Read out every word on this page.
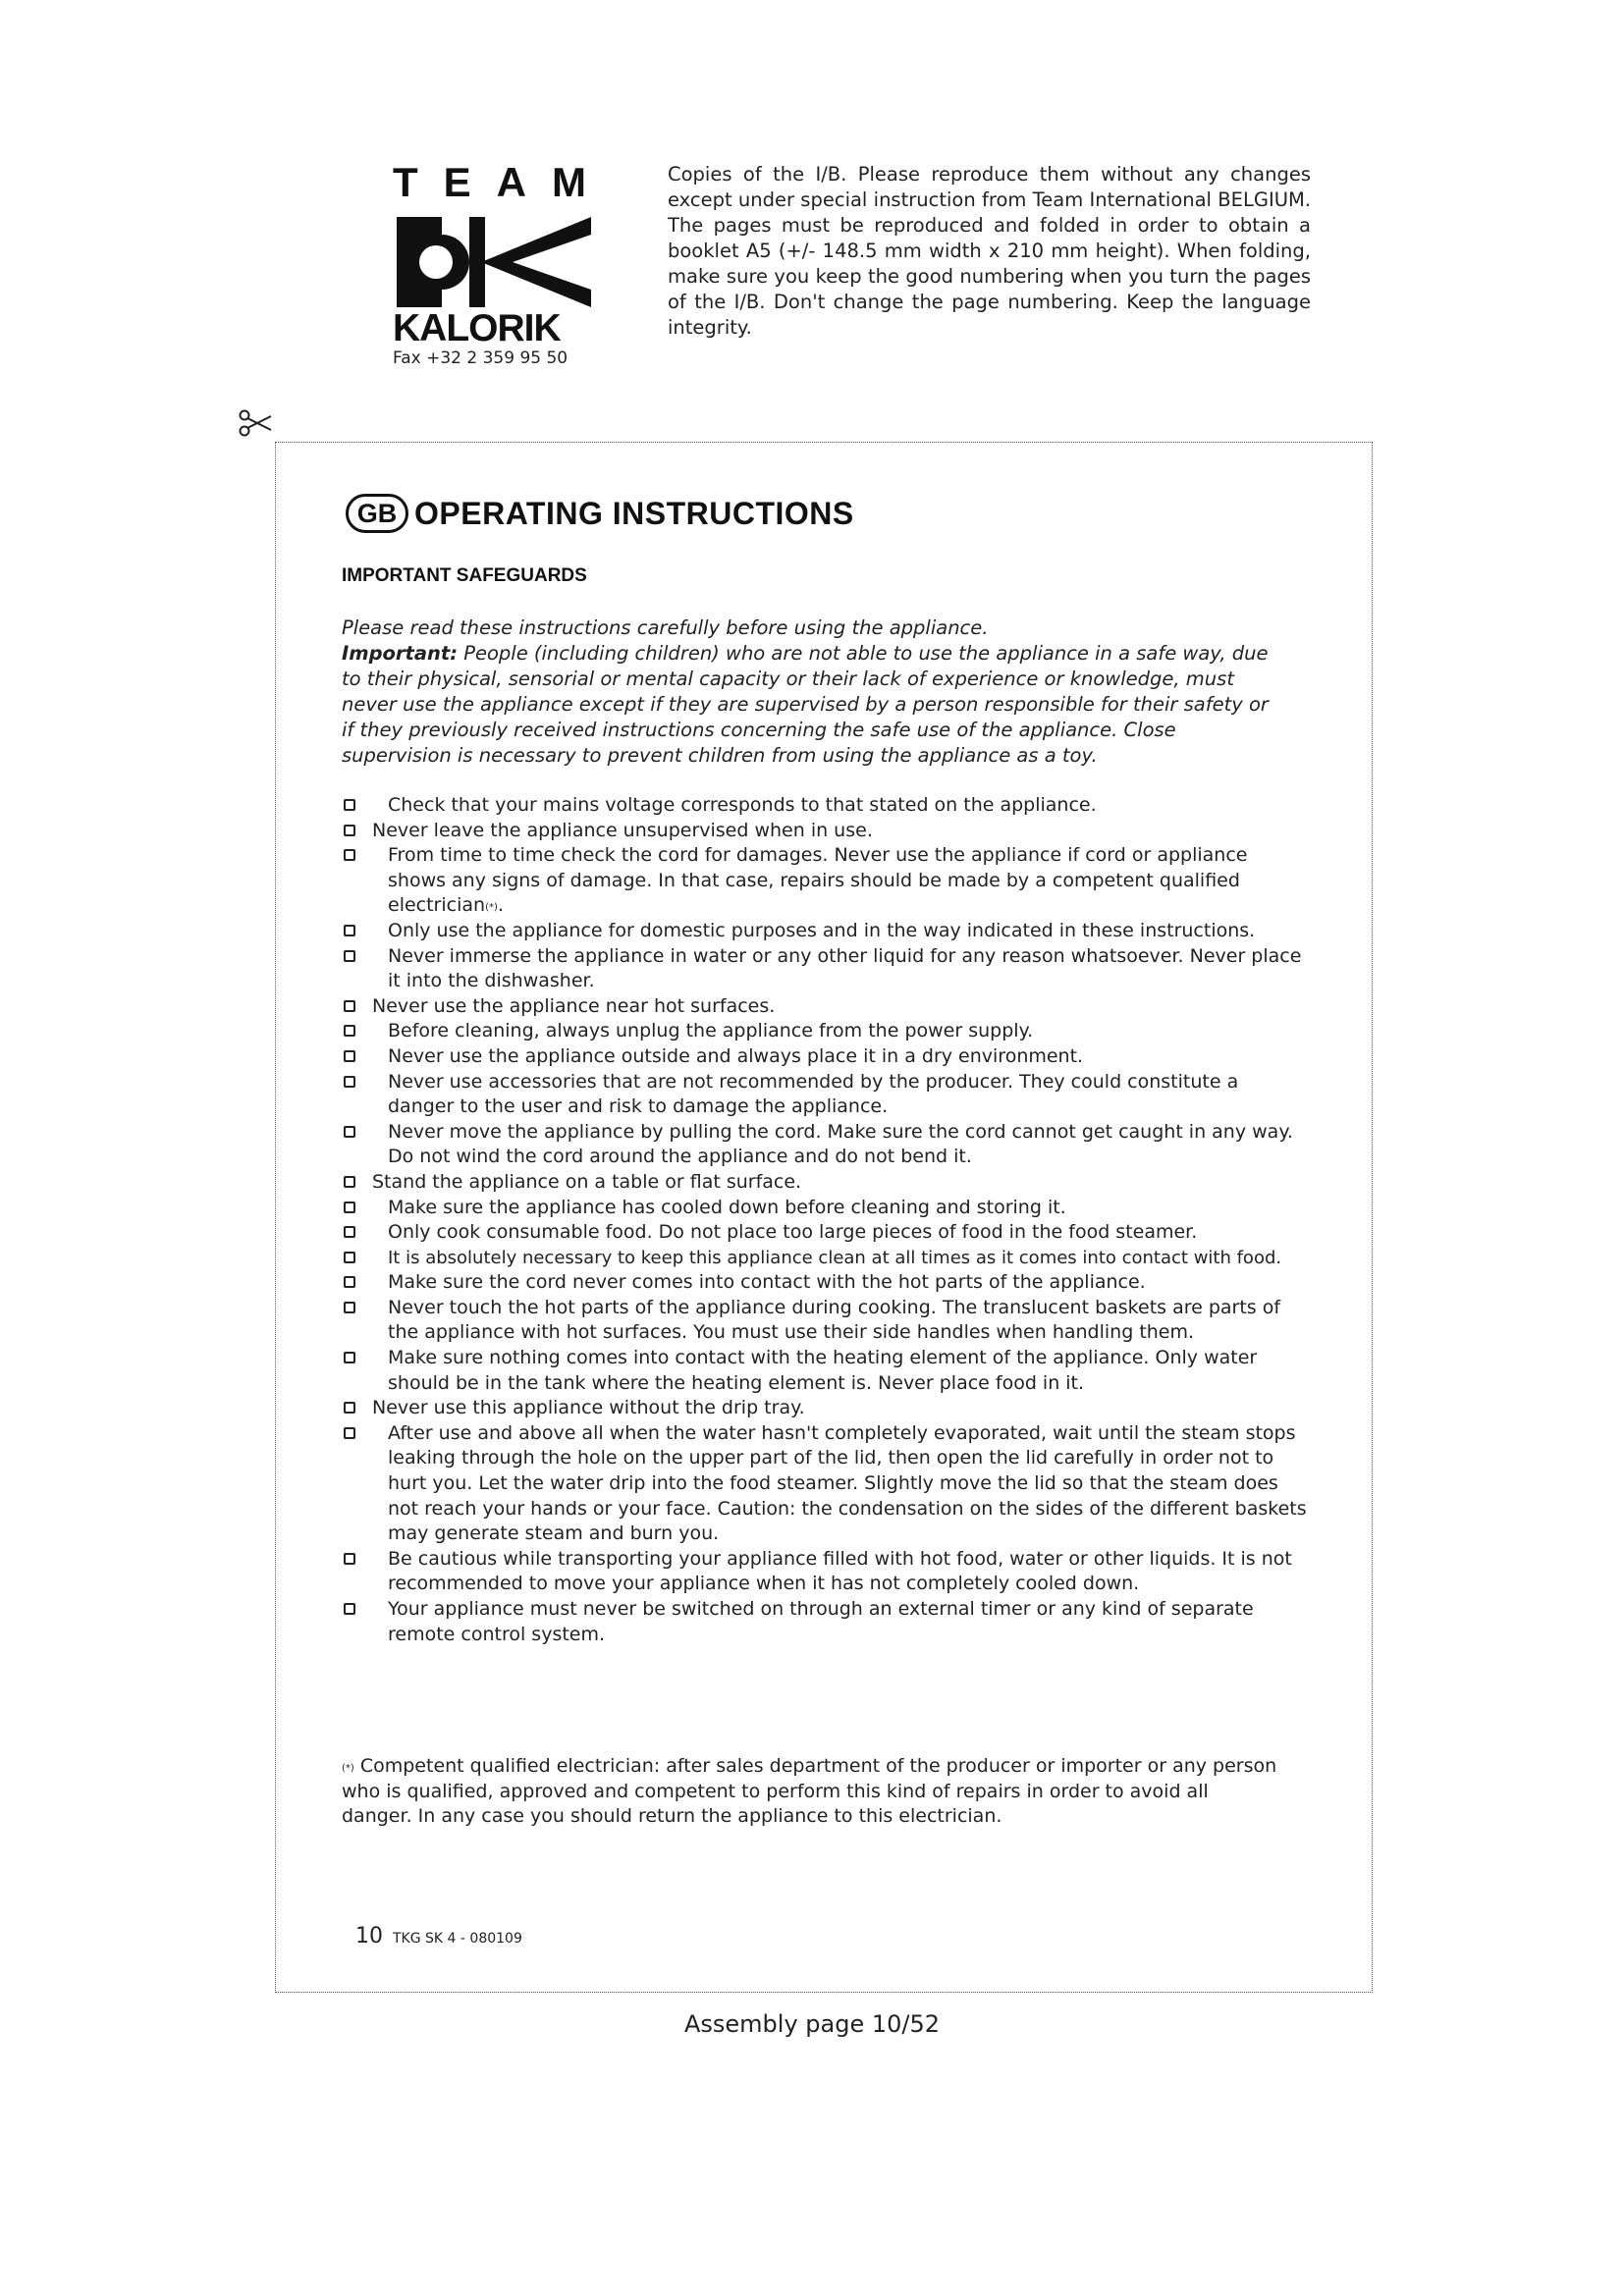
TEAM
KALORIK
Fax +32 2 359 95 50
Copies of the I/B. Please reproduce them without any changes except under special instruction from Team International BELGIUM. The pages must be reproduced and folded in order to obtain a booklet A5 (+/- 148.5 mm width x 210 mm height). When folding, make sure you keep the good numbering when you turn the pages of the I/B. Don't change the page numbering. Keep the language integrity.
GB OPERATING INSTRUCTIONS
IMPORTANT SAFEGUARDS

Please read these instructions carefully before using the appliance.

Important: People (including children) who are not able to use the appliance in a safe way, due to their physical, sensorial or mental capacity or their lack of experience or knowledge, must never use the appliance except if they are supervised by a person responsible for their safety or if they previously received instructions concerning the safe use of the appliance. Close supervision is necessary to prevent children from using the appliance as a toy.

Check that your mains voltage corresponds to that stated on the appliance.
Never leave the appliance unsupervised when in use.
From time to time check the cord for damages. Never use the appliance if cord or appliance shows any signs of damage. In that case, repairs should be made by a competent qualified electrician(*).
Only use the appliance for domestic purposes and in the way indicated in these instructions.
Never immerse the appliance in water or any other liquid for any reason whatsoever. Never place it into the dishwasher.
Never use the appliance near hot surfaces.
Before cleaning, always unplug the appliance from the power supply.
Never use the appliance outside and always place it in a dry environment.
Never use accessories that are not recommended by the producer. They could constitute a danger to the user and risk to damage the appliance.
Never move the appliance by pulling the cord. Make sure the cord cannot get caught in any way. Do not wind the cord around the appliance and do not bend it.
Stand the appliance on a table or flat surface.
Make sure the appliance has cooled down before cleaning and storing it.
Only cook consumable food. Do not place too large pieces of food in the food steamer.
It is absolutely necessary to keep this appliance clean at all times as it comes into contact with food.
Make sure the cord never comes into contact with the hot parts of the appliance.
Never touch the hot parts of the appliance during cooking. The translucent baskets are parts of the appliance with hot surfaces. You must use their side handles when handling them.
Make sure nothing comes into contact with the heating element of the appliance. Only water should be in the tank where the heating element is. Never place food in it.
Never use this appliance without the drip tray.
After use and above all when the water hasn't completely evaporated, wait until the steam stops leaking through the hole on the upper part of the lid, then open the lid carefully in order not to hurt you. Let the water drip into the food steamer. Slightly move the lid so that the steam does not reach your hands or your face. Caution: the condensation on the sides of the different baskets may generate steam and burn you.
Be cautious while transporting your appliance filled with hot food, water or other liquids. It is not recommended to move your appliance when it has not completely cooled down.
Your appliance must never be switched on through an external timer or any kind of separate remote control system.
(*) Competent qualified electrician: after sales department of the producer or importer or any person who is qualified, approved and competent to perform this kind of repairs in order to avoid all danger. In any case you should return the appliance to this electrician.
10 TKG SK 4 - 080109
Assembly page 10/52
